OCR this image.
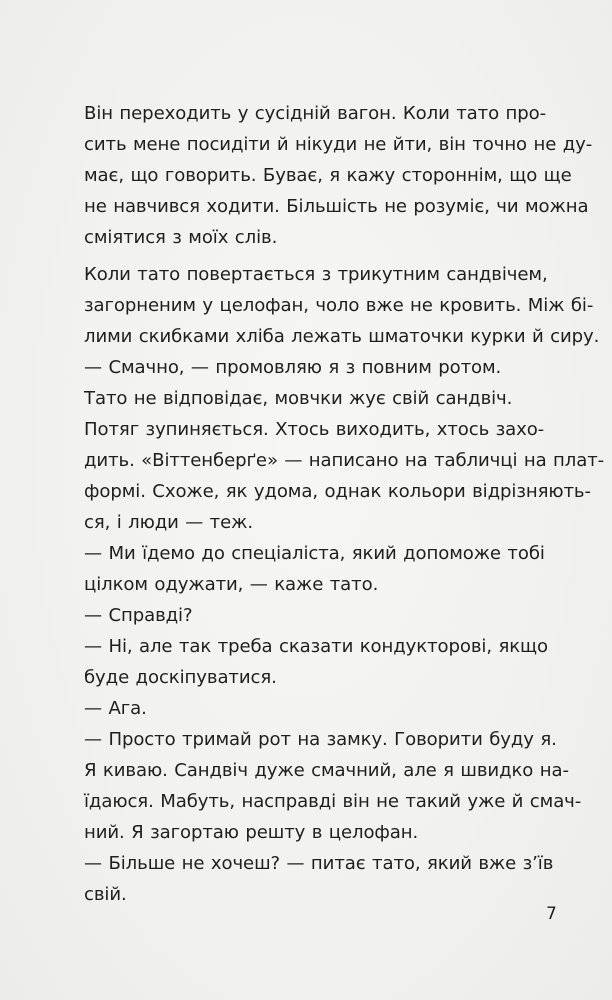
Він переходить у сусідній вагон. Коли тато про-
сить мене посидіти й нікуди не йти, він точно не ду-
має, що говорить. Буває, я кажу стороннім, що ще
не навчився ходити. Більшість не розуміє, чи можна
сміятися з моїх слів.

Коли тато повертається з трикутним сандвічем,
загорненим у целофан, чоло вже не кровить. Між бі-
лими скибками хліба лежать шматочки курки й сиру.

— Смачно, — промовляю я з повним ротом.

Тато не відповідає, мовчки жує свій сандвіч.

Потяг зупиняється. Хтось виходить, хтось захо-
дить. «Віттенберґе» — написано на табличці на плат-
формі. Схоже, як удома, однак кольори відрізняють-
ся, і люди — теж.

— Ми їдемо до спеціаліста, який допоможе тобі
цілком одужати, — каже тато.

— Справді?

— Ні, але так треба сказати кондукторові, якщо
буде доскіпуватися.

— Ага.

— Просто тримай рот на замку. Говорити буду я.

Я киваю. Сандвіч дуже смачний, але я швидко на-
їдаюся. Мабуть, насправді він не такий уже й смач-
ний. Я загортаю решту в целофан.

— Більше не хочеш? — питає тато, який вже з’їв
свій.

7
